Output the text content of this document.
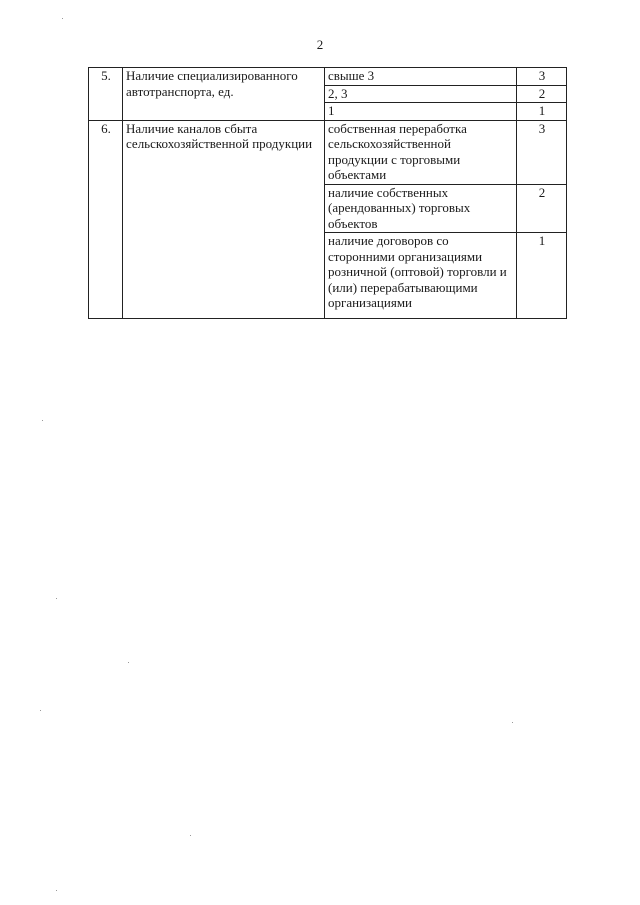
2
5.	Наличие специализированного автотранспорта, ед.	свыше 3	3
		2, 3	2
		1	1
6.	Наличие каналов сбыта сельскохозяйственной продукции	собственная переработка сельскохозяйственной продукции с торговыми объектами	3
		наличие собственных (арендованных) торговых объектов	2
		наличие договоров со сторонними организациями розничной (оптовой) торговли и (или) перерабатывающими организациями	1
